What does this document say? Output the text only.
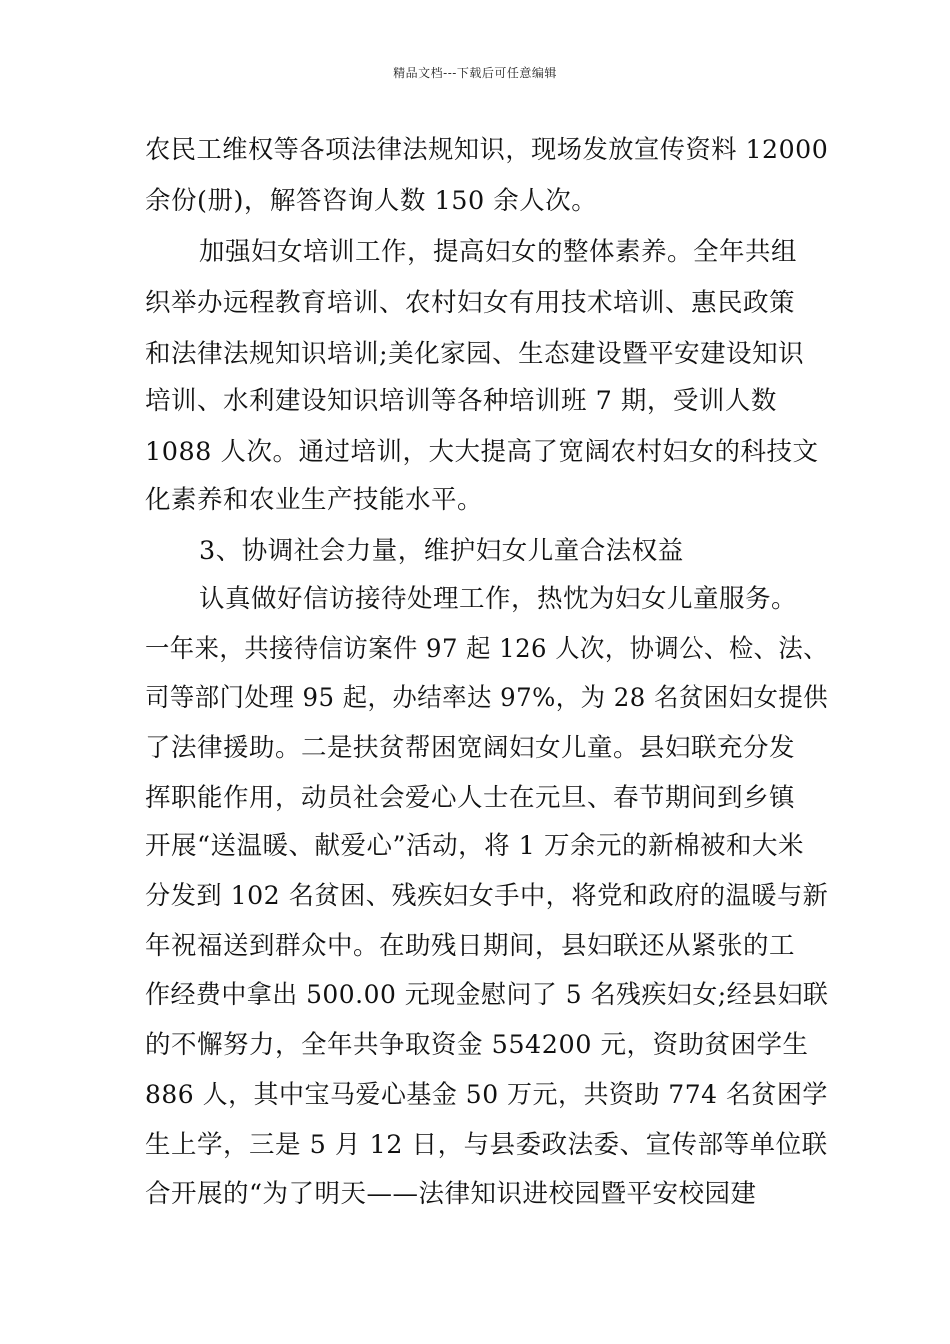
精品文档---下载后可任意编辑
农民工维权等各项法律法规知识，现场发放宣传资料 12000
余份(册)，解答咨询人数 150 余人次。
加强妇女培训工作，提高妇女的整体素养。全年共组
织举办远程教育培训、农村妇女有用技术培训、惠民政策
和法律法规知识培训;美化家园、生态建设暨平安建设知识
培训、水利建设知识培训等各种培训班 7 期，受训人数
1088 人次。通过培训，大大提高了宽阔农村妇女的科技文
化素养和农业生产技能水平。
3、协调社会力量，维护妇女儿童合法权益
认真做好信访接待处理工作，热忱为妇女儿童服务。
一年来，共接待信访案件 97 起 126 人次，协调公、检、法、
司等部门处理 95 起，办结率达 97%，为 28 名贫困妇女提供
了法律援助。二是扶贫帮困宽阔妇女儿童。县妇联充分发
挥职能作用，动员社会爱心人士在元旦、春节期间到乡镇
开展“送温暖、献爱心”活动，将 1 万余元的新棉被和大米
分发到 102 名贫困、残疾妇女手中，将党和政府的温暖与新
年祝福送到群众中。在助残日期间，县妇联还从紧张的工
作经费中拿出 500.00 元现金慰问了 5 名残疾妇女;经县妇联
的不懈努力，全年共争取资金 554200 元，资助贫困学生
886 人，其中宝马爱心基金 50 万元，共资助 774 名贫困学
生上学，三是 5 月 12 日，与县委政法委、宣传部等单位联
合开展的“为了明天——法律知识进校园暨平安校园建
